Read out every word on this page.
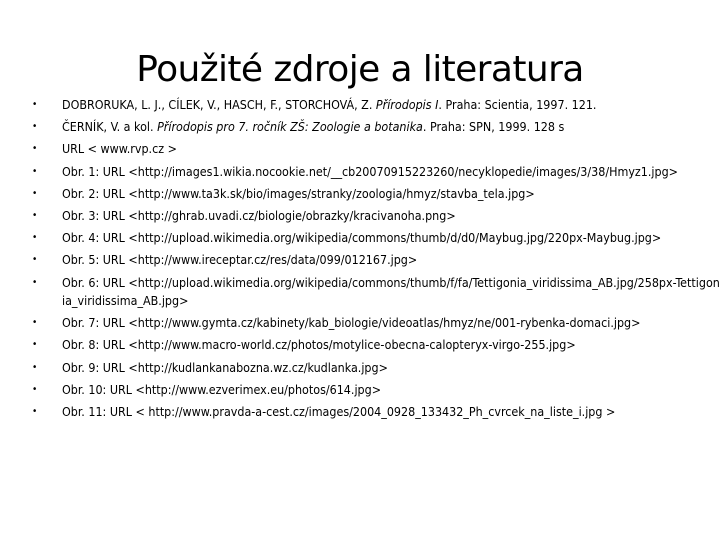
Použité zdroje a literatura
• DOBRORUKA, L. J., CÍLEK, V., HASCH, F., STORCHOVÁ, Z. Přírodopis I. Praha: Scientia, 1997. 121.
• ČERNÍK, V. a kol. Přírodopis pro 7. ročník ZŠ: Zoologie a botanika. Praha: SPN, 1999. 128 s
• URL < www.rvp.cz >
• Obr. 1: URL <http://images1.wikia.nocookie.net/__cb20070915223260/necyklopedie/images/3/38/Hmyz1.jpg>
• Obr. 2: URL <http://www.ta3k.sk/bio/images/stranky/zoologia/hmyz/stavba_tela.jpg>
• Obr. 3: URL <http://ghrab.uvadi.cz/biologie/obrazky/kracivanoha.png>
• Obr. 4: URL <http://upload.wikimedia.org/wikipedia/commons/thumb/d/d0/Maybug.jpg/220px-Maybug.jpg>
• Obr. 5: URL <http://www.ireceptar.cz/res/data/099/012167.jpg>
• Obr. 6: URL <http://upload.wikimedia.org/wikipedia/commons/thumb/f/fa/Tettigonia_viridissima_AB.jpg/258px-Tettigonia_viridissima_AB.jpg>
• Obr. 7: URL <http://www.gymta.cz/kabinety/kab_biologie/videoatlas/hmyz/ne/001-rybenka-domaci.jpg>
• Obr. 8: URL <http://www.macro-world.cz/photos/motylice-obecna-calopteryx-virgo-255.jpg>
• Obr. 9: URL <http://kudlankanabozna.wz.cz/kudlanka.jpg>
• Obr. 10: URL <http://www.ezverimex.eu/photos/614.jpg>
• Obr. 11: URL < http://www.pravda-a-cest.cz/images/2004_0928_133432_Ph_cvrcek_na_liste_i.jpg >
